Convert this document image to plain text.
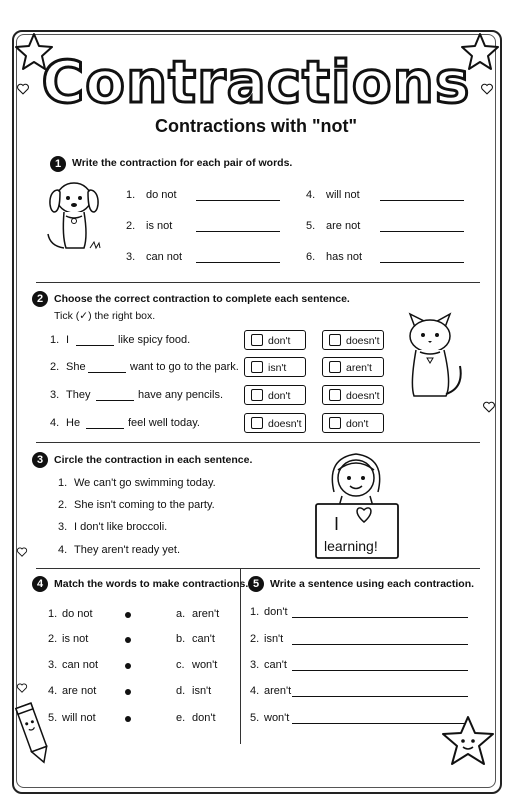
Contractions
Contractions with "not"
1	Write the contraction for each pair of words.
1. do not
2. is not
3. can not
4. will not
5. are not
6. has not
2	Choose the correct contraction to complete each sentence.
Tick (✓) the right box.
1. I	like spicy food.	don't	doesn't
2. She	want to go to the park.	isn't	aren't
3. They	have any pencils.	don't	doesn't
4. He	feel well today.	doesn't	don't
3	Circle the contraction in each sentence.
1. We can't go swimming today.
2. She isn't coming to the party.
3. I don't like broccoli.
4. They aren't ready yet.
I
learning!
4	Match the words to make contractions.
1. do not	a. aren't
2. is not	b. can't
3. can not	c. won't
4. are not	d. isn't
5. will not	e. don't
5	Write a sentence using each contraction.
1. don't
2. isn't
3. can't
4. aren't
5. won't
